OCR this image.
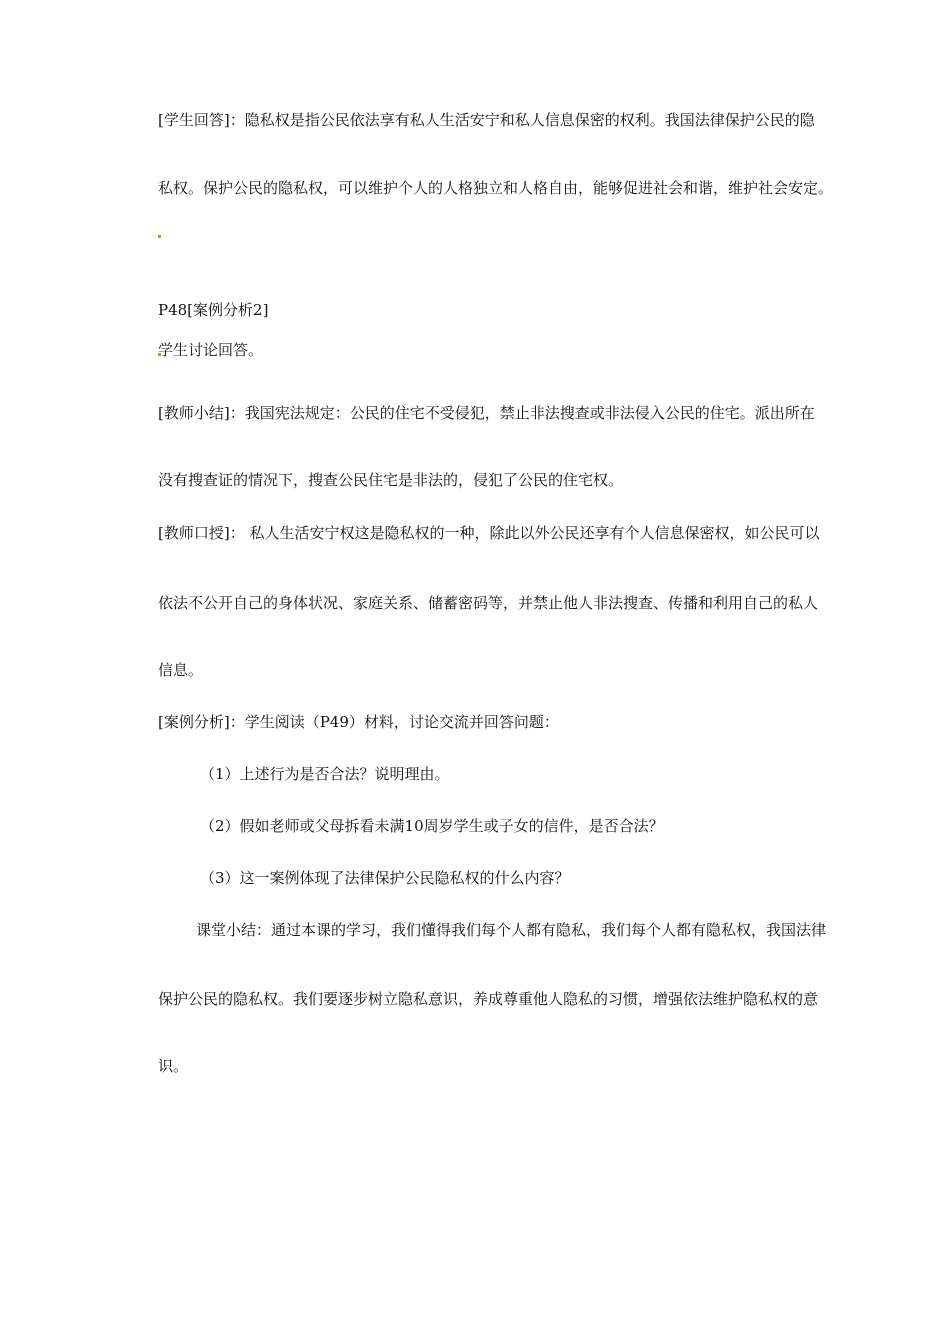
[学生回答]：隐私权是指公民依法享有私人生活安宁和私人信息保密的权利。我国法律保护公民的隐
私权。保护公民的隐私权，可以维护个人的人格独立和人格自由，能够促进社会和谐，维护社会安定。
P48[案例分析2]
学生讨论回答。
[教师小结]：我国宪法规定：公民的住宅不受侵犯，禁止非法搜查或非法侵入公民的住宅。派出所在
没有搜查证的情况下，搜查公民住宅是非法的，侵犯了公民的住宅权。
[教师口授]： 私人生活安宁权这是隐私权的一种，除此以外公民还享有个人信息保密权，如公民可以
依法不公开自己的身体状况、家庭关系、储蓄密码等，并禁止他人非法搜查、传播和利用自己的私人
信息。
[案例分析]：学生阅读（P49）材料，讨论交流并回答问题：
（1）上述行为是否合法？说明理由。
（2）假如老师或父母拆看未满10周岁学生或子女的信件，是否合法？
（3）这一案例体现了法律保护公民隐私权的什么内容？
课堂小结：通过本课的学习，我们懂得我们每个人都有隐私，我们每个人都有隐私权，我国法律
保护公民的隐私权。我们要逐步树立隐私意识，养成尊重他人隐私的习惯，增强依法维护隐私权的意
识。
